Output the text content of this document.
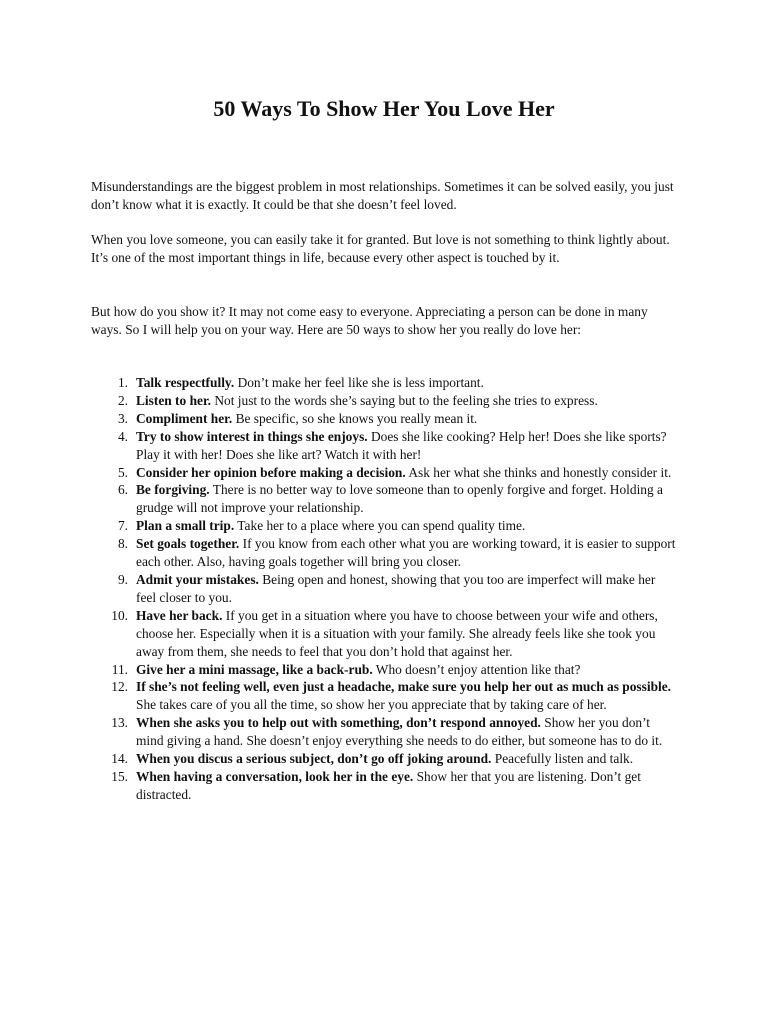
50 Ways To Show Her You Love Her

Misunderstandings are the biggest problem in most relationships. Sometimes it can be solved easily, you just don’t know what it is exactly. It could be that she doesn’t feel loved.

When you love someone, you can easily take it for granted. But love is not something to think lightly about. It’s one of the most important things in life, because every other aspect is touched by it.

But how do you show it? It may not come easy to everyone. Appreciating a person can be done in many ways. So I will help you on your way. Here are 50 ways to show her you really do love her:

1. Talk respectfully. Don’t make her feel like she is less important.
2. Listen to her. Not just to the words she’s saying but to the feeling she tries to express.
3. Compliment her. Be specific, so she knows you really mean it.
4. Try to show interest in things she enjoys. Does she like cooking? Help her! Does she like sports? Play it with her! Does she like art? Watch it with her!
5. Consider her opinion before making a decision. Ask her what she thinks and honestly consider it.
6. Be forgiving. There is no better way to love someone than to openly forgive and forget. Holding a grudge will not improve your relationship.
7. Plan a small trip. Take her to a place where you can spend quality time.
8. Set goals together. If you know from each other what you are working toward, it is easier to support each other. Also, having goals together will bring you closer.
9. Admit your mistakes. Being open and honest, showing that you too are imperfect will make her feel closer to you.
10. Have her back. If you get in a situation where you have to choose between your wife and others, choose her. Especially when it is a situation with your family. She already feels like she took you away from them, she needs to feel that you don’t hold that against her.
11. Give her a mini massage, like a back-rub. Who doesn’t enjoy attention like that?
12. If she’s not feeling well, even just a headache, make sure you help her out as much as possible. She takes care of you all the time, so show her you appreciate that by taking care of her.
13. When she asks you to help out with something, don’t respond annoyed. Show her you don’t mind giving a hand. She doesn’t enjoy everything she needs to do either, but someone has to do it.
14. When you discus a serious subject, don’t go off joking around. Peacefully listen and talk.
15. When having a conversation, look her in the eye. Show her that you are listening. Don’t get distracted.
